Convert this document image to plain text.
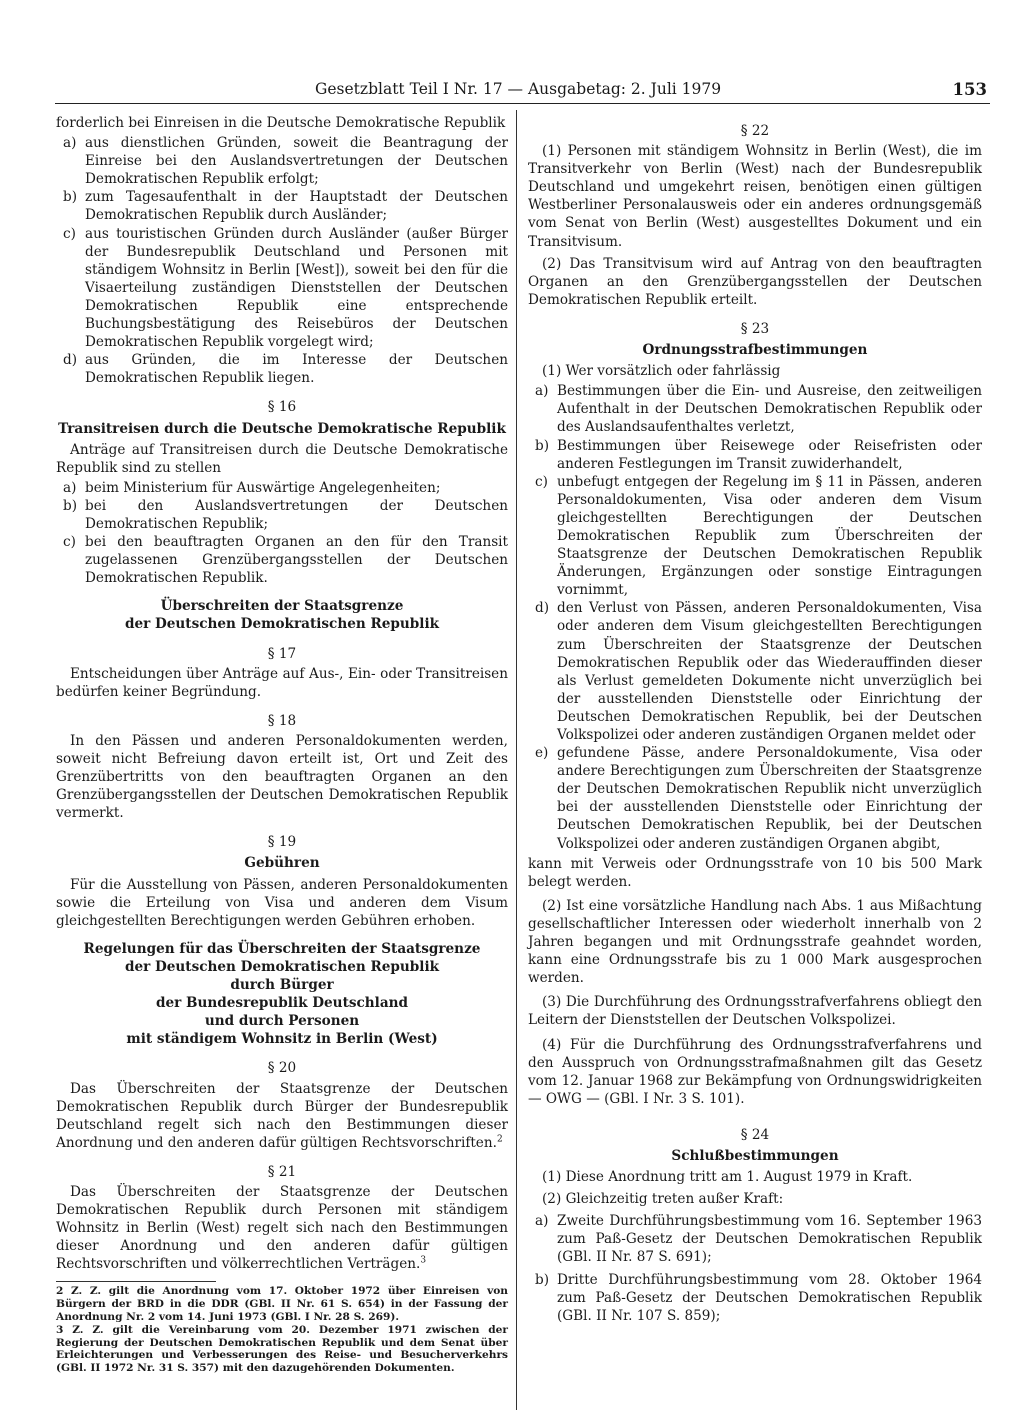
Gesetzblatt Teil I Nr. 17 — Ausgabetag: 2. Juli 1979	153

forderlich bei Einreisen in die Deutsche Demokratische Republik

a) aus dienstlichen Gründen, soweit die Beantragung der Einreise bei den Auslandsvertretungen der Deutschen Demokratischen Republik erfolgt;
b) zum Tagesaufenthalt in der Hauptstadt der Deutschen Demokratischen Republik durch Ausländer;
c) aus touristischen Gründen durch Ausländer (außer Bürger der Bundesrepublik Deutschland und Personen mit ständigem Wohnsitz in Berlin [West]), soweit bei den für die Visaerteilung zuständigen Dienststellen der Deutschen Demokratischen Republik eine entsprechende Buchungsbestätigung des Reisebüros der Deutschen Demokratischen Republik vorgelegt wird;
d) aus Gründen, die im Interesse der Deutschen Demokratischen Republik liegen.
§ 16
Transitreisen durch die Deutsche Demokratische Republik

Anträge auf Transitreisen durch die Deutsche Demokratische Republik sind zu stellen

a) beim Ministerium für Auswärtige Angelegenheiten;
b) bei den Auslandsvertretungen der Deutschen Demokratischen Republik;
c) bei den beauftragten Organen an den für den Transit zugelassenen Grenzübergangsstellen der Deutschen Demokratischen Republik.
Überschreiten der Staatsgrenze
der Deutschen Demokratischen Republik
§ 17

Entscheidungen über Anträge auf Aus-, Ein- oder Transitreisen bedürfen keiner Begründung.

§ 18

In den Pässen und anderen Personaldokumenten werden, soweit nicht Befreiung davon erteilt ist, Ort und Zeit des Grenzübertritts von den beauftragten Organen an den Grenzübergangsstellen der Deutschen Demokratischen Republik vermerkt.

§ 19
Gebühren

Für die Ausstellung von Pässen, anderen Personaldokumenten sowie die Erteilung von Visa und anderen dem Visum gleichgestellten Berechtigungen werden Gebühren erhoben.

Regelungen für das Überschreiten der Staatsgrenze
der Deutschen Demokratischen Republik
durch Bürger
der Bundesrepublik Deutschland
und durch Personen
mit ständigem Wohnsitz in Berlin (West)
§ 20

Das Überschreiten der Staatsgrenze der Deutschen Demokratischen Republik durch Bürger der Bundesrepublik Deutschland regelt sich nach den Bestimmungen dieser Anordnung und den anderen dafür gültigen Rechtsvorschriften.$^2$

§ 21

Das Überschreiten der Staatsgrenze der Deutschen Demokratischen Republik durch Personen mit ständigem Wohnsitz in Berlin (West) regelt sich nach den Bestimmungen dieser Anordnung und den anderen dafür gültigen Rechtsvorschriften und völkerrechtlichen Verträgen.$^3$

2 Z. Z. gilt die Anordnung vom 17. Oktober 1972 über Einreisen von Bürgern der BRD in die DDR (GBl. II Nr. 61 S. 654) in der Fassung der Anordnung Nr. 2 vom 14. Juni 1973 (GBl. I Nr. 28 S. 269).
3 Z. Z. gilt die Vereinbarung vom 20. Dezember 1971 zwischen der Regierung der Deutschen Demokratischen Republik und dem Senat über Erleichterungen und Verbesserungen des Reise- und Besucherverkehrs (GBl. II 1972 Nr. 31 S. 357) mit den dazugehörenden Dokumenten.
§ 22

(1) Personen mit ständigem Wohnsitz in Berlin (West), die im Transitverkehr von Berlin (West) nach der Bundesrepublik Deutschland und umgekehrt reisen, benötigen einen gültigen Westberliner Personalausweis oder ein anderes ordnungsgemäß vom Senat von Berlin (West) ausgestelltes Dokument und ein Transitvisum.

(2) Das Transitvisum wird auf Antrag von den beauftragten Organen an den Grenzübergangsstellen der Deutschen Demokratischen Republik erteilt.

§ 23
Ordnungsstrafbestimmungen

(1) Wer vorsätzlich oder fahrlässig

a) Bestimmungen über die Ein- und Ausreise, den zeitweiligen Aufenthalt in der Deutschen Demokratischen Republik oder des Auslandsaufenthaltes verletzt,
b) Bestimmungen über Reisewege oder Reisefristen oder anderen Festlegungen im Transit zuwiderhandelt,
c) unbefugt entgegen der Regelung im § 11 in Pässen, anderen Personaldokumenten, Visa oder anderen dem Visum gleichgestellten Berechtigungen der Deutschen Demokratischen Republik zum Überschreiten der Staatsgrenze der Deutschen Demokratischen Republik Änderungen, Ergänzungen oder sonstige Eintragungen vornimmt,
d) den Verlust von Pässen, anderen Personaldokumenten, Visa oder anderen dem Visum gleichgestellten Berechtigungen zum Überschreiten der Staatsgrenze der Deutschen Demokratischen Republik oder das Wiederauffinden dieser als Verlust gemeldeten Dokumente nicht unverzüglich bei der ausstellenden Dienststelle oder Einrichtung der Deutschen Demokratischen Republik, bei der Deutschen Volkspolizei oder anderen zuständigen Organen meldet oder
e) gefundene Pässe, andere Personaldokumente, Visa oder andere Berechtigungen zum Überschreiten der Staatsgrenze der Deutschen Demokratischen Republik nicht unverzüglich bei der ausstellenden Dienststelle oder Einrichtung der Deutschen Demokratischen Republik, bei der Deutschen Volkspolizei oder anderen zuständigen Organen abgibt,

kann mit Verweis oder Ordnungsstrafe von 10 bis 500 Mark belegt werden.

(2) Ist eine vorsätzliche Handlung nach Abs. 1 aus Mißachtung gesellschaftlicher Interessen oder wiederholt innerhalb von 2 Jahren begangen und mit Ordnungsstrafe geahndet worden, kann eine Ordnungsstrafe bis zu 1 000 Mark ausgesprochen werden.

(3) Die Durchführung des Ordnungsstrafverfahrens obliegt den Leitern der Dienststellen der Deutschen Volkspolizei.

(4) Für die Durchführung des Ordnungsstrafverfahrens und den Ausspruch von Ordnungsstrafmaßnahmen gilt das Gesetz vom 12. Januar 1968 zur Bekämpfung von Ordnungswidrigkeiten — OWG — (GBl. I Nr. 3 S. 101).

§ 24
Schlußbestimmungen

(1) Diese Anordnung tritt am 1. August 1979 in Kraft.

(2) Gleichzeitig treten außer Kraft:

a) Zweite Durchführungsbestimmung vom 16. September 1963 zum Paß-Gesetz der Deutschen Demokratischen Republik (GBl. II Nr. 87 S. 691);
b) Dritte Durchführungsbestimmung vom 28. Oktober 1964 zum Paß-Gesetz der Deutschen Demokratischen Republik (GBl. II Nr. 107 S. 859);
